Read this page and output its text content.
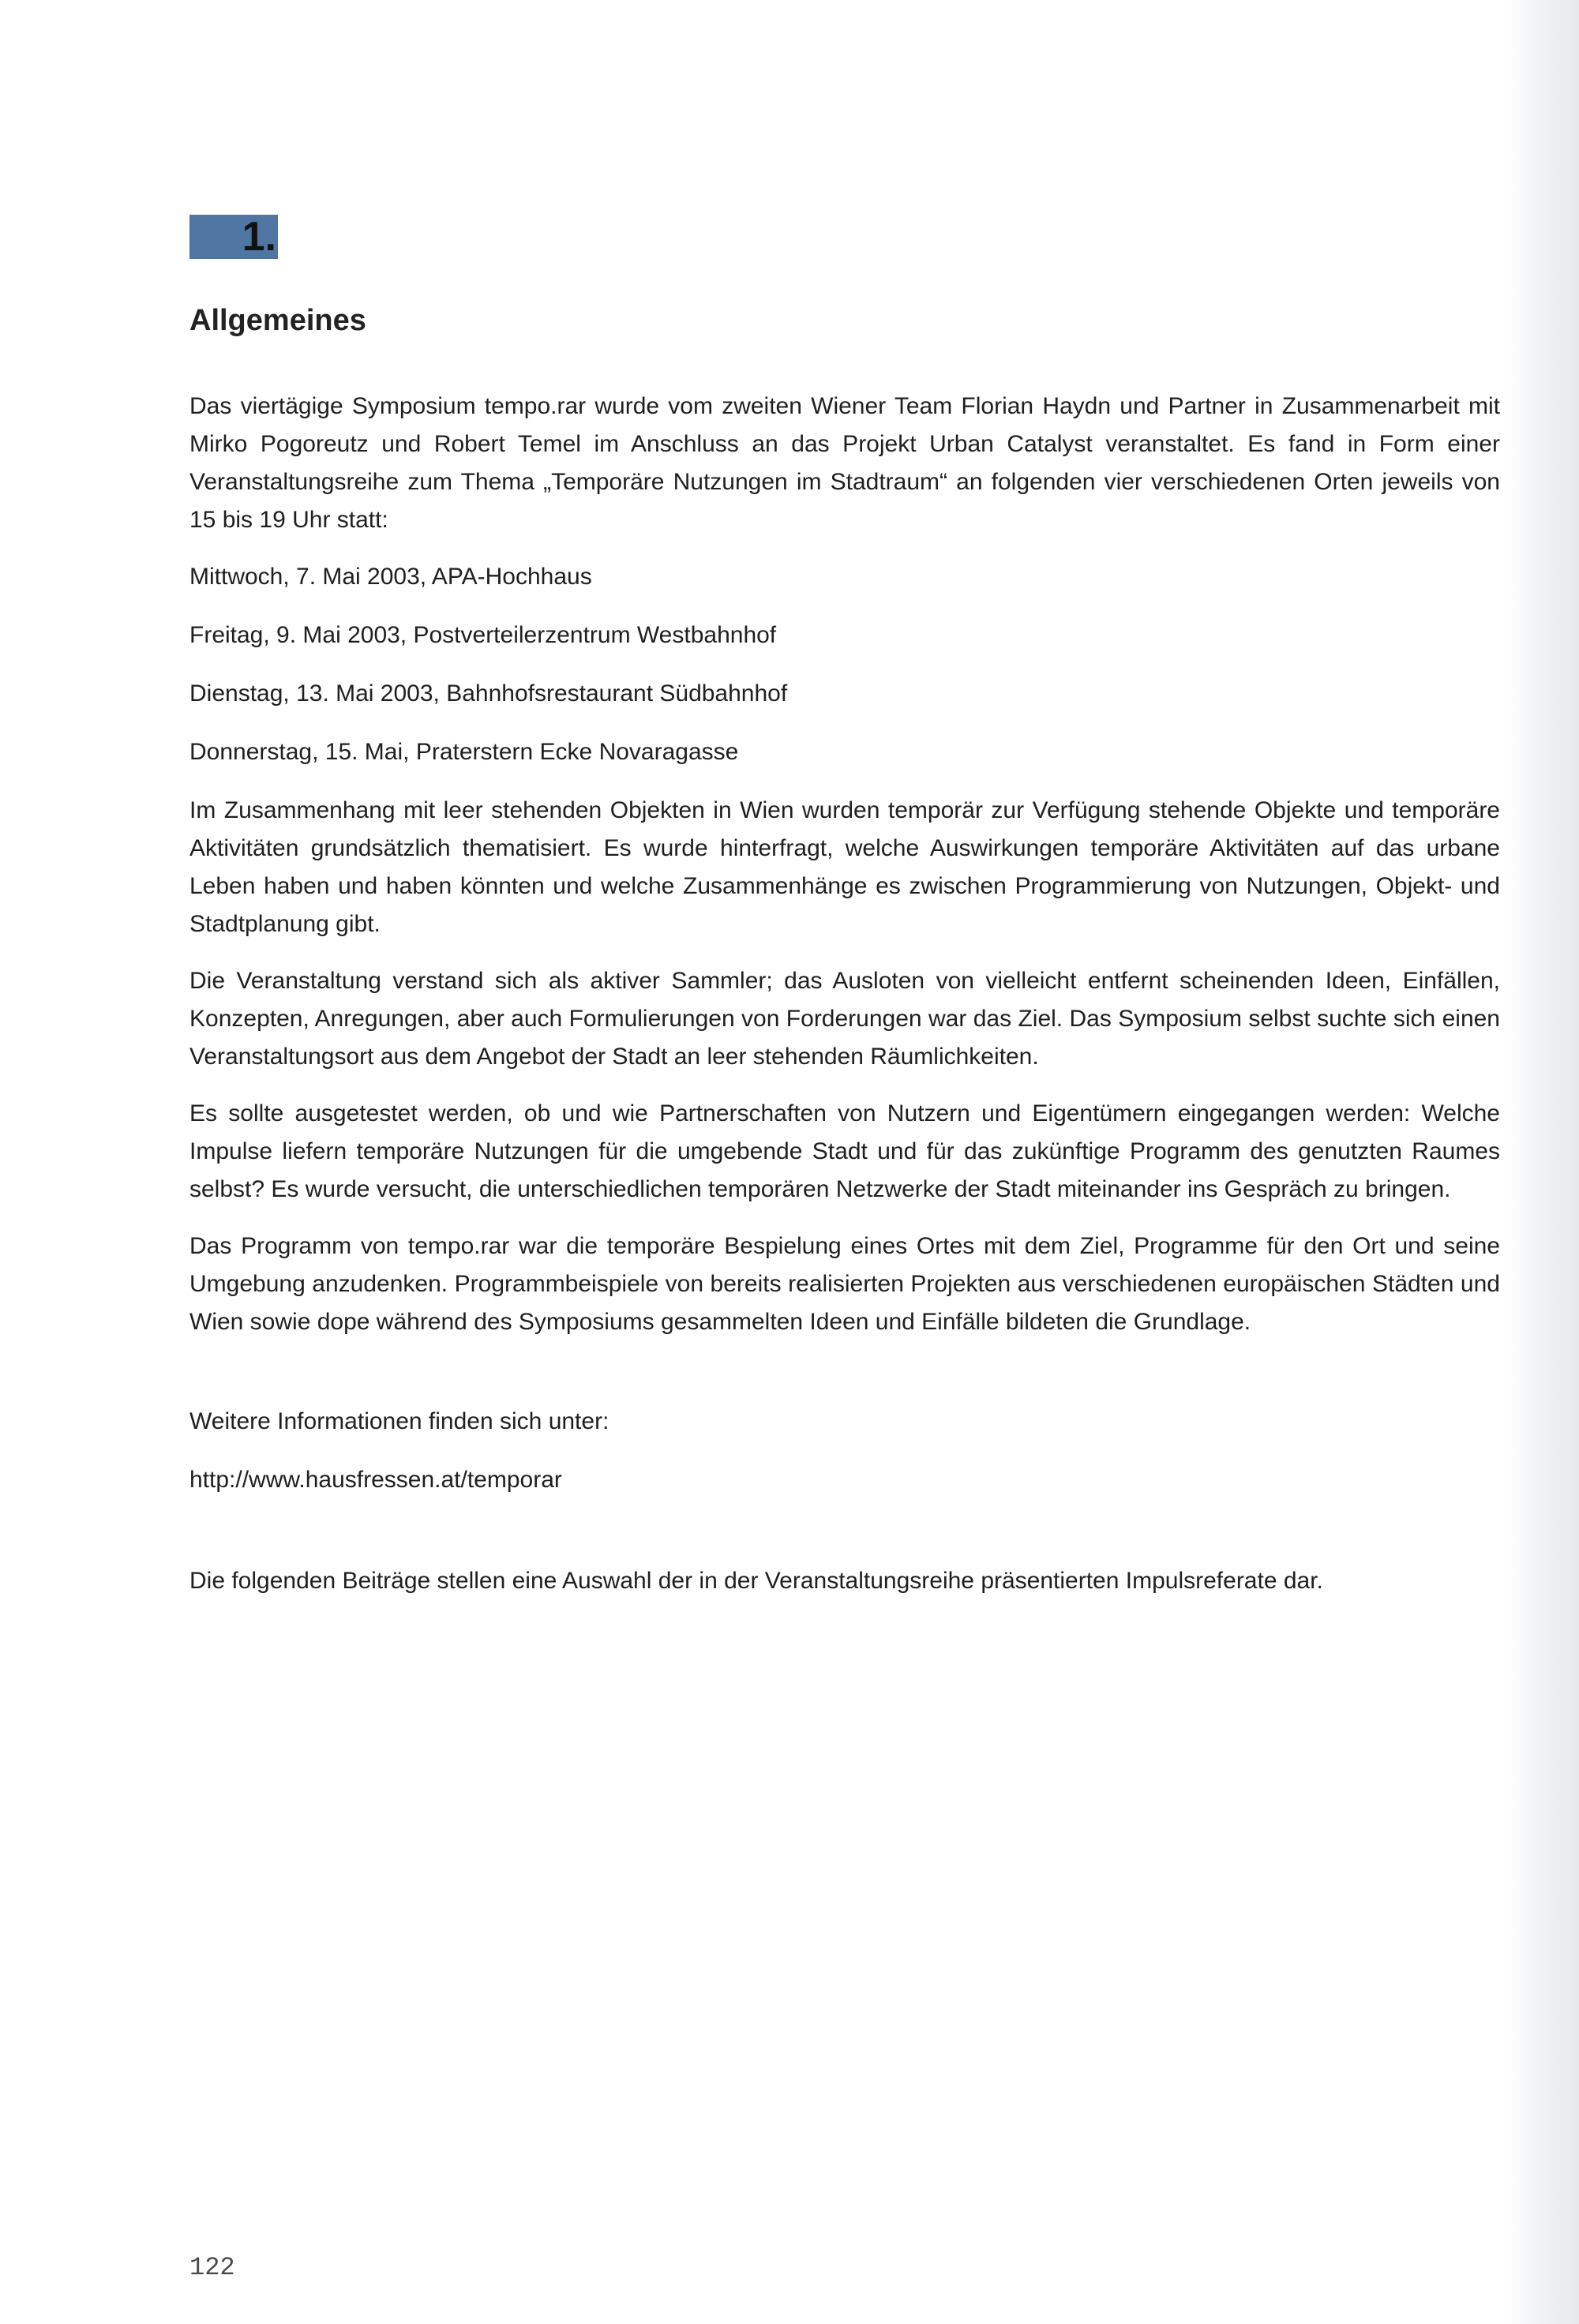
1.
Allgemeines

Das viertägige Symposium tempo.rar wurde vom zweiten Wiener Team Florian Haydn und Partner in Zusammenarbeit mit Mirko Pogoreutz und Robert Temel im Anschluss an das Projekt Urban Catalyst veranstaltet. Es fand in Form einer Veranstaltungsreihe zum Thema „Temporäre Nutzungen im Stadtraum“ an folgenden vier verschiedenen Orten jeweils von 15 bis 19 Uhr statt:

Mittwoch, 7. Mai 2003, APA-Hochhaus

Freitag, 9. Mai 2003, Postverteilerzentrum Westbahnhof

Dienstag, 13. Mai 2003, Bahnhofsrestaurant Südbahnhof

Donnerstag, 15. Mai, Praterstern Ecke Novaragasse

Im Zusammenhang mit leer stehenden Objekten in Wien wurden temporär zur Verfügung stehende Objekte und temporäre Aktivitäten grundsätzlich thematisiert. Es wurde hinterfragt, welche Auswirkungen temporäre Aktivitäten auf das urbane Leben haben und haben könnten und welche Zusammenhänge es zwischen Programmierung von Nutzungen, Objekt- und Stadtplanung gibt.

Die Veranstaltung verstand sich als aktiver Sammler; das Ausloten von vielleicht entfernt scheinenden Ideen, Einfällen, Konzepten, Anregungen, aber auch Formulierungen von Forderungen war das Ziel. Das Symposium selbst suchte sich einen Veranstaltungsort aus dem Angebot der Stadt an leer stehenden Räumlichkeiten.

Es sollte ausgetestet werden, ob und wie Partnerschaften von Nutzern und Eigentümern eingegangen werden: Welche Impulse liefern temporäre Nutzungen für die umgebende Stadt und für das zukünftige Programm des genutzten Raumes selbst? Es wurde versucht, die unterschiedlichen temporären Netzwerke der Stadt miteinander ins Gespräch zu bringen.

Das Programm von tempo.rar war die temporäre Bespielung eines Ortes mit dem Ziel, Programme für den Ort und seine Umgebung anzudenken. Programmbeispiele von bereits realisierten Projekten aus verschiedenen europäischen Städten und Wien sowie dope während des Symposiums gesammelten Ideen und Einfälle bildeten die Grundlage.

Weitere Informationen finden sich unter:

http://www.hausfressen.at/temporar

Die folgenden Beiträge stellen eine Auswahl der in der Veranstaltungsreihe präsentierten Impulsreferate dar.

122
